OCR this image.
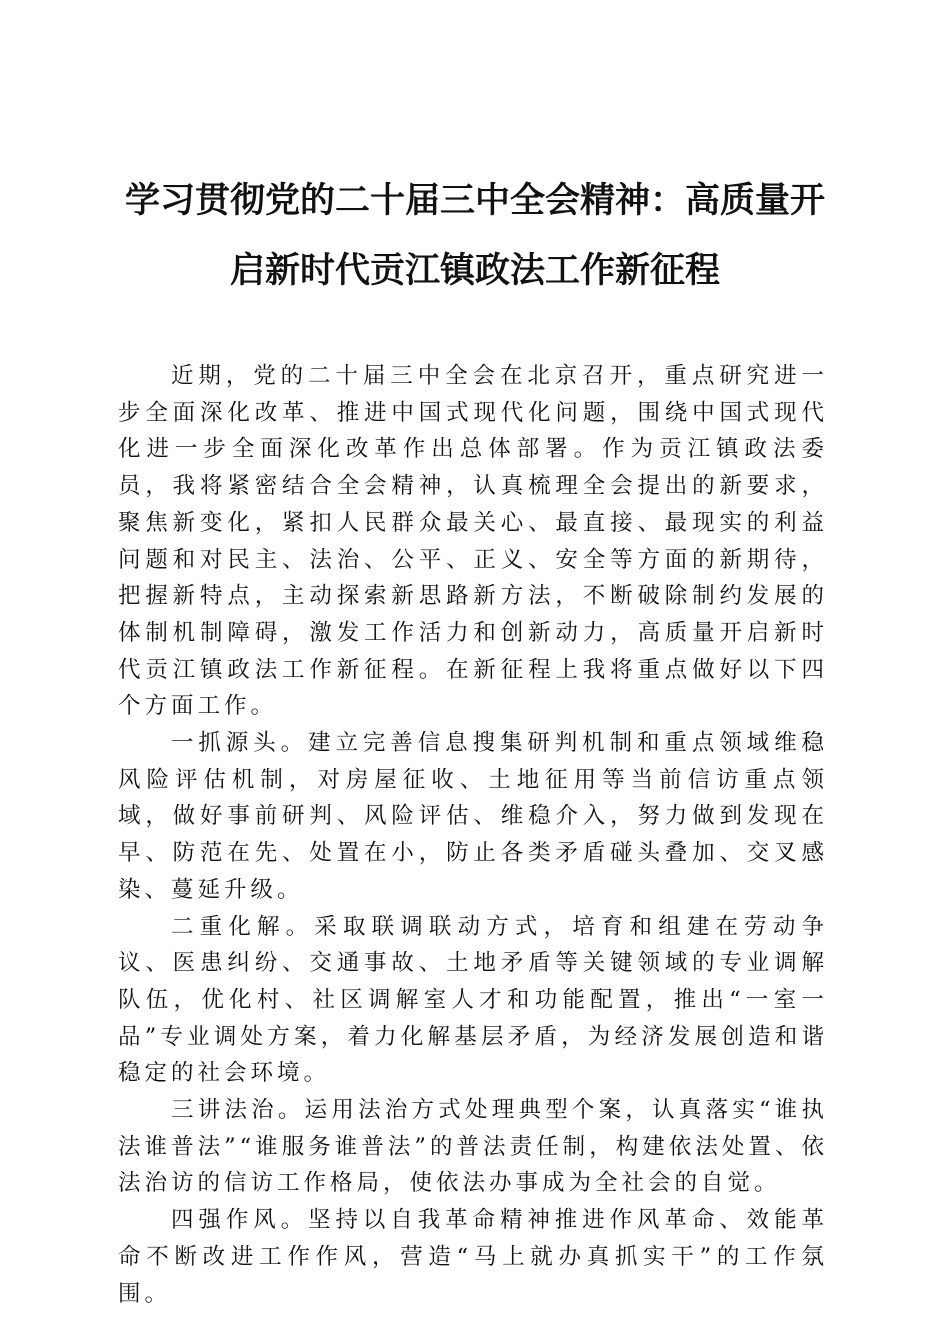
学习贯彻党的二十届三中全会精神：高质量开
启新时代贡江镇政法工作新征程

近期，党的二十届三中全会在北京召开，重点研究进一步全面深化改革、推进中国式现代化问题，围绕中国式现代化进一步全面深化改革作出总体部署。作为贡江镇政法委员，我将紧密结合全会精神，认真梳理全会提出的新要求，聚焦新变化，紧扣人民群众最关心、最直接、最现实的利益问题和对民主、法治、公平、正义、安全等方面的新期待，把握新特点，主动探索新思路新方法，不断破除制约发展的体制机制障碍，激发工作活力和创新动力，高质量开启新时代贡江镇政法工作新征程。在新征程上我将重点做好以下四个方面工作。

一抓源头。建立完善信息搜集研判机制和重点领域维稳风险评估机制，对房屋征收、土地征用等当前信访重点领域，做好事前研判、风险评估、维稳介入，努力做到发现在早、防范在先、处置在小，防止各类矛盾碰头叠加、交叉感染、蔓延升级。

二重化解。采取联调联动方式，培育和组建在劳动争议、医患纠纷、交通事故、土地矛盾等关键领域的专业调解队伍，优化村、社区调解室人才和功能配置，推出“一室一品”专业调处方案，着力化解基层矛盾，为经济发展创造和谐稳定的社会环境。

三讲法治。运用法治方式处理典型个案，认真落实“谁执法谁普法”“谁服务谁普法”的普法责任制，构建依法处置、依法治访的信访工作格局，使依法办事成为全社会的自觉。

四强作风。坚持以自我革命精神推进作风革命、效能革命不断改进工作作风，营造“马上就办真抓实干”的工作氛围。
